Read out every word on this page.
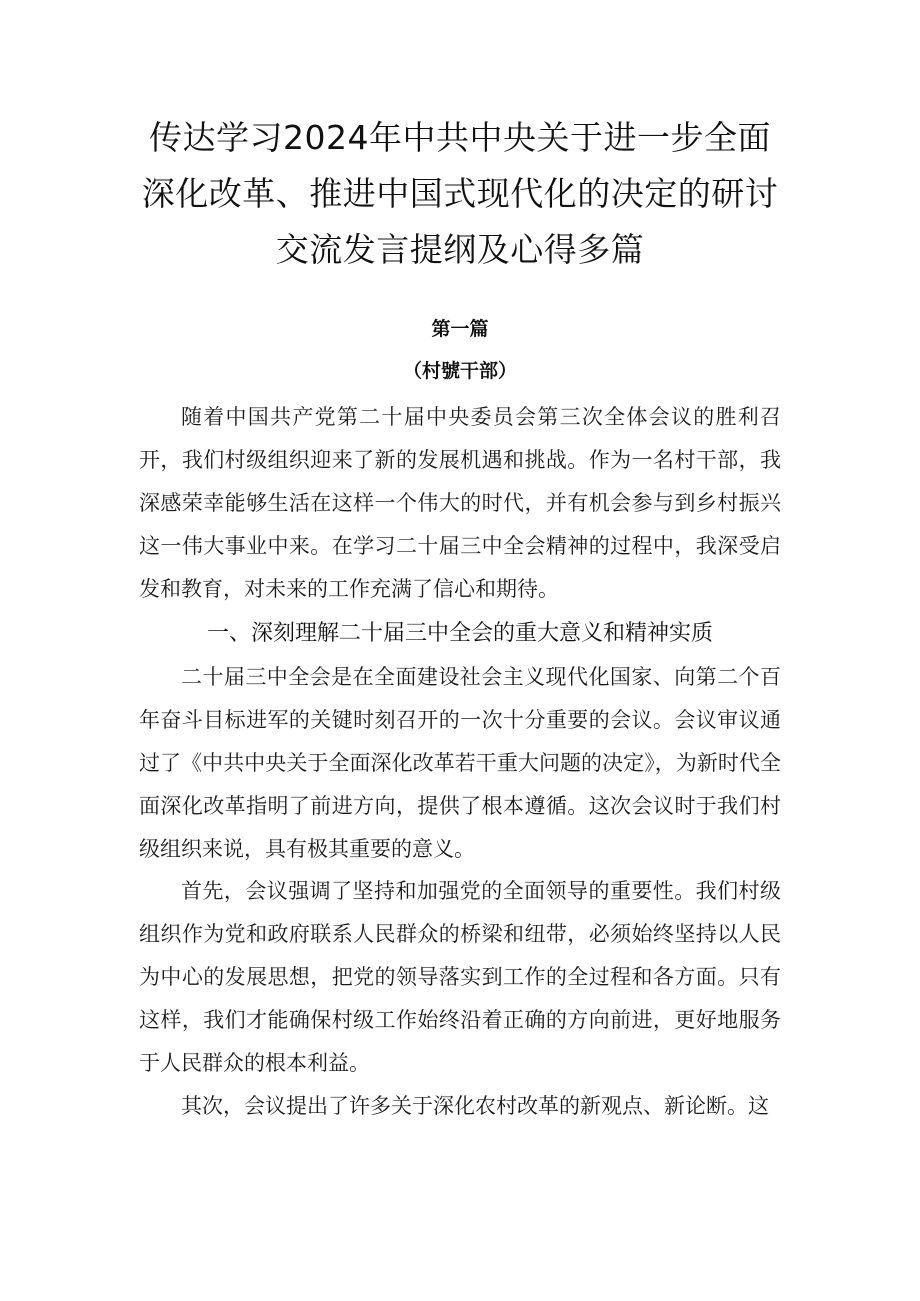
传达学习2024年中共中央关于进一步全面深化改革、推进中国式现代化的决定的研讨交流发言提纲及心得多篇
第一篇
（村號干部）

随着中国共产党第二十届中央委员会第三次全体会议的胜利召开，我们村级组织迎来了新的发展机遇和挑战。作为一名村干部，我深感荣幸能够生活在这样一个伟大的时代，并有机会参与到乡村振兴这一伟大事业中来。在学习二十届三中全会精神的过程中，我深受启发和教育，对未来的工作充满了信心和期待。

一、深刻理解二十届三中全会的重大意义和精神实质

二十届三中全会是在全面建设社会主义现代化国家、向第二个百年奋斗目标进军的关键时刻召开的一次十分重要的会议。会议审议通过了《中共中央关于全面深化改革若干重大问题的决定》，为新时代全面深化改革指明了前进方向，提供了根本遵循。这次会议时于我们村级组织来说，具有极其重要的意义。

首先，会议强调了坚持和加强党的全面领导的重要性。我们村级组织作为党和政府联系人民群众的桥梁和纽带，必须始终坚持以人民为中心的发展思想，把党的领导落实到工作的全过程和各方面。只有这样，我们才能确保村级工作始终沿着正确的方向前进，更好地服务于人民群众的根本利益。

其次，会议提出了许多关于深化农村改革的新观点、新论断。这
